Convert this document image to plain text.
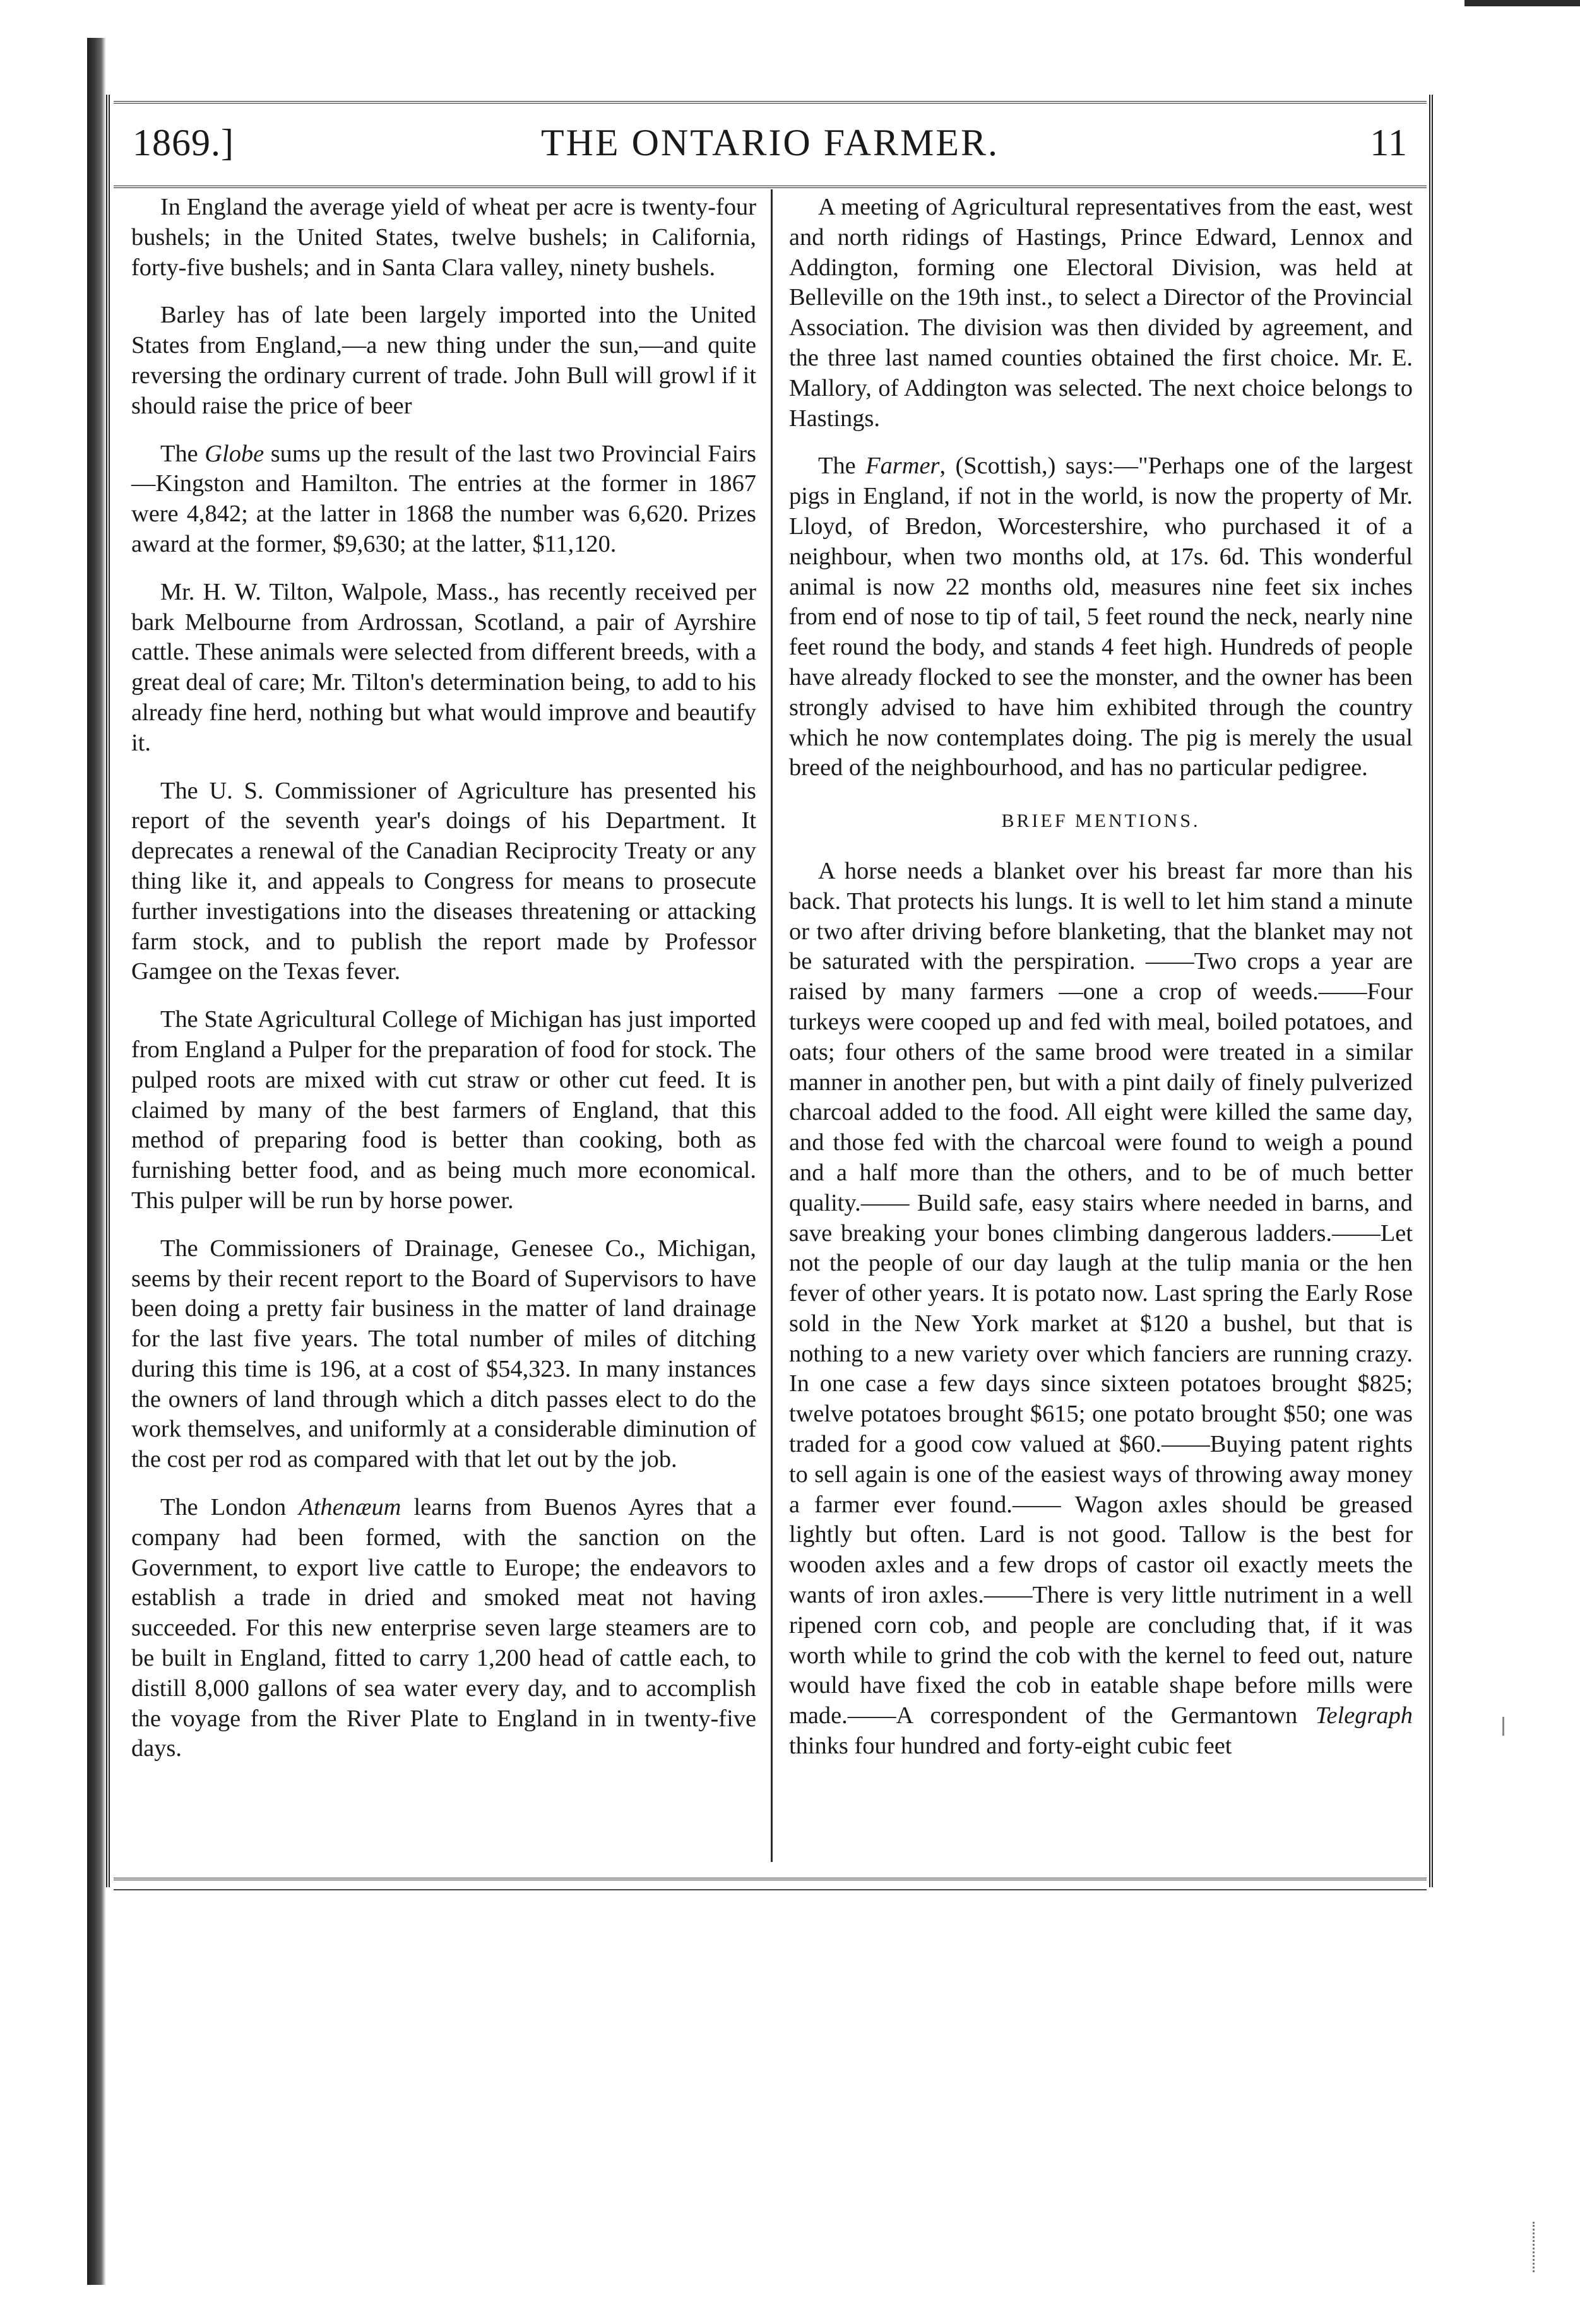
THE ONTARIO FARMER.
1869.]	11

In England the average yield of wheat per acre is twenty-four bushels; in the United States, twelve bushels; in California, forty-five bushels; and in Santa Clara valley, ninety bushels.

Barley has of late been largely imported into the United States from England,—a new thing under the sun,—and quite reversing the ordinary current of trade. John Bull will growl if it should raise the price of beer

The Globe sums up the result of the last two Provincial Fairs—Kingston and Hamilton. The entries at the former in 1867 were 4,842; at the latter in 1868 the number was 6,620. Prizes award at the former, $9,630; at the latter, $11,120.

Mr. H. W. Tilton, Walpole, Mass., has recently received per bark Melbourne from Ardrossan, Scotland, a pair of Ayrshire cattle. These animals were selected from different breeds, with a great deal of care; Mr. Tilton's determination being, to add to his already fine herd, nothing but what would improve and beautify it.

The U. S. Commissioner of Agriculture has presented his report of the seventh year's doings of his Department. It deprecates a renewal of the Canadian Reciprocity Treaty or any thing like it, and appeals to Congress for means to prosecute further investigations into the diseases threatening or attacking farm stock, and to publish the report made by Professor Gamgee on the Texas fever.

The State Agricultural College of Michigan has just imported from England a Pulper for the preparation of food for stock. The pulped roots are mixed with cut straw or other cut feed. It is claimed by many of the best farmers of England, that this method of preparing food is better than cooking, both as furnishing better food, and as being much more economical. This pulper will be run by horse power.

The Commissioners of Drainage, Genesee Co., Michigan, seems by their recent report to the Board of Supervisors to have been doing a pretty fair business in the matter of land drainage for the last five years. The total number of miles of ditching during this time is 196, at a cost of $54,323. In many instances the owners of land through which a ditch passes elect to do the work themselves, and uniformly at a considerable diminution of the cost per rod as compared with that let out by the job.

The London Athenæum learns from Buenos Ayres that a company had been formed, with the sanction on the Government, to export live cattle to Europe; the endeavors to establish a trade in dried and smoked meat not having succeeded. For this new enterprise seven large steamers are to be built in England, fitted to carry 1,200 head of cattle each, to distill 8,000 gallons of sea water every day, and to accomplish the voyage from the River Plate to England in in twenty-five days.

A meeting of Agricultural representatives from the east, west and north ridings of Hastings, Prince Edward, Lennox and Addington, forming one Electoral Division, was held at Belleville on the 19th inst., to select a Director of the Provincial Association. The division was then divided by agreement, and the three last named counties obtained the first choice. Mr. E. Mallory, of Addington was selected. The next choice belongs to Hastings.

The Farmer, (Scottish,) says:—"Perhaps one of the largest pigs in England, if not in the world, is now the property of Mr. Lloyd, of Bredon, Worcestershire, who purchased it of a neighbour, when two months old, at 17s. 6d. This wonderful animal is now 22 months old, measures nine feet six inches from end of nose to tip of tail, 5 feet round the neck, nearly nine feet round the body, and stands 4 feet high. Hundreds of people have already flocked to see the monster, and the owner has been strongly advised to have him exhibited through the country which he now contemplates doing. The pig is merely the usual breed of the neighbourhood, and has no particular pedigree.

BRIEF MENTIONS.

A horse needs a blanket over his breast far more than his back. That protects his lungs. It is well to let him stand a minute or two after driving before blanketing, that the blanket may not be saturated with the perspiration. ——Two crops a year are raised by many farmers —one a crop of weeds.——Four turkeys were cooped up and fed with meal, boiled potatoes, and oats; four others of the same brood were treated in a similar manner in another pen, but with a pint daily of finely pulverized charcoal added to the food. All eight were killed the same day, and those fed with the charcoal were found to weigh a pound and a half more than the others, and to be of much better quality.—— Build safe, easy stairs where needed in barns, and save breaking your bones climbing dangerous ladders.——Let not the people of our day laugh at the tulip mania or the hen fever of other years. It is potato now. Last spring the Early Rose sold in the New York market at $120 a bushel, but that is nothing to a new variety over which fanciers are running crazy. In one case a few days since sixteen potatoes brought $825; twelve potatoes brought $615; one potato brought $50; one was traded for a good cow valued at $60.——Buying patent rights to sell again is one of the easiest ways of throwing away money a farmer ever found.—— Wagon axles should be greased lightly but often. Lard is not good. Tallow is the best for wooden axles and a few drops of castor oil exactly meets the wants of iron axles.——There is very little nutriment in a well ripened corn cob, and people are concluding that, if it was worth while to grind the cob with the kernel to feed out, nature would have fixed the cob in eatable shape before mills were made.——A correspondent of the Germantown Telegraph thinks four hundred and forty-eight cubic feet
